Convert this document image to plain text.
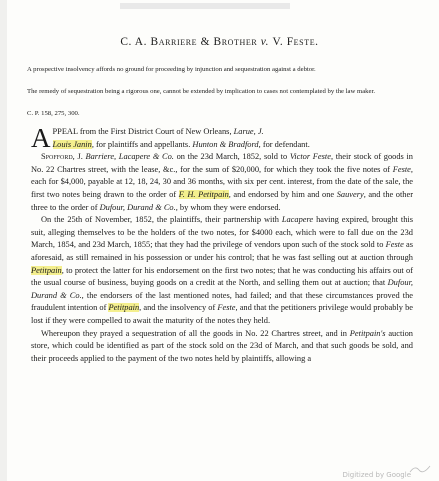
C. A. Barriere & Brother v. V. Feste.
A prospective insolvency affords no ground for proceeding by injunction and sequestration against a debtor.
The remedy of sequestration being a rigorous one, cannot be extended by implication to cases not contemplated by the law maker.
C. P. 158, 275, 300.

APPEAL from the First District Court of New Orleans, Larue, J.
Louis Janin, for plaintiffs and appellants. Hunton & Bradford, for defendant.

Spofford, J. Barriere, Lacapere & Co. on the 23d March, 1852, sold to Victor Feste, their stock of goods in No. 22 Chartres street, with the lease, &c., for the sum of $20,000, for which they took the five notes of Feste, each for $4,000, payable at 12, 18, 24, 30 and 36 months, with six per cent. interest, from the date of the sale, the first two notes being drawn to the order of F. H. Petitpain, and endorsed by him and one Sauvery, and the other three to the order of Dufour, Durand & Co., by whom they were endorsed.

On the 25th of November, 1852, the plaintiffs, their partnership with Lacapere having expired, brought this suit, alleging themselves to be the holders of the two notes, for $4000 each, which were to fall due on the 23d March, 1854, and 23d March, 1855; that they had the privilege of vendors upon such of the stock sold to Feste as aforesaid, as still remained in his possession or under his control; that he was fast selling out at auction through Petitpain, to protect the latter for his endorsement on the first two notes; that he was conducting his affairs out of the usual course of business, buying goods on a credit at the North, and selling them out at auction; that Dufour, Durand & Co., the endorsers of the last mentioned notes, had failed; and that these circumstances proved the fraudulent intention of Petitpain, and the insolvency of Feste, and that the petitioners privilege would probably be lost if they were compelled to await the maturity of the notes they held.

Whereupon they prayed a sequestration of all the goods in No. 22 Chartres street, and in Petitpain's auction store, which could be identified as part of the stock sold on the 23d of March, and that such goods be sold, and their proceeds applied to the payment of the two notes held by plaintiffs, allowing a

Digitized by Google
